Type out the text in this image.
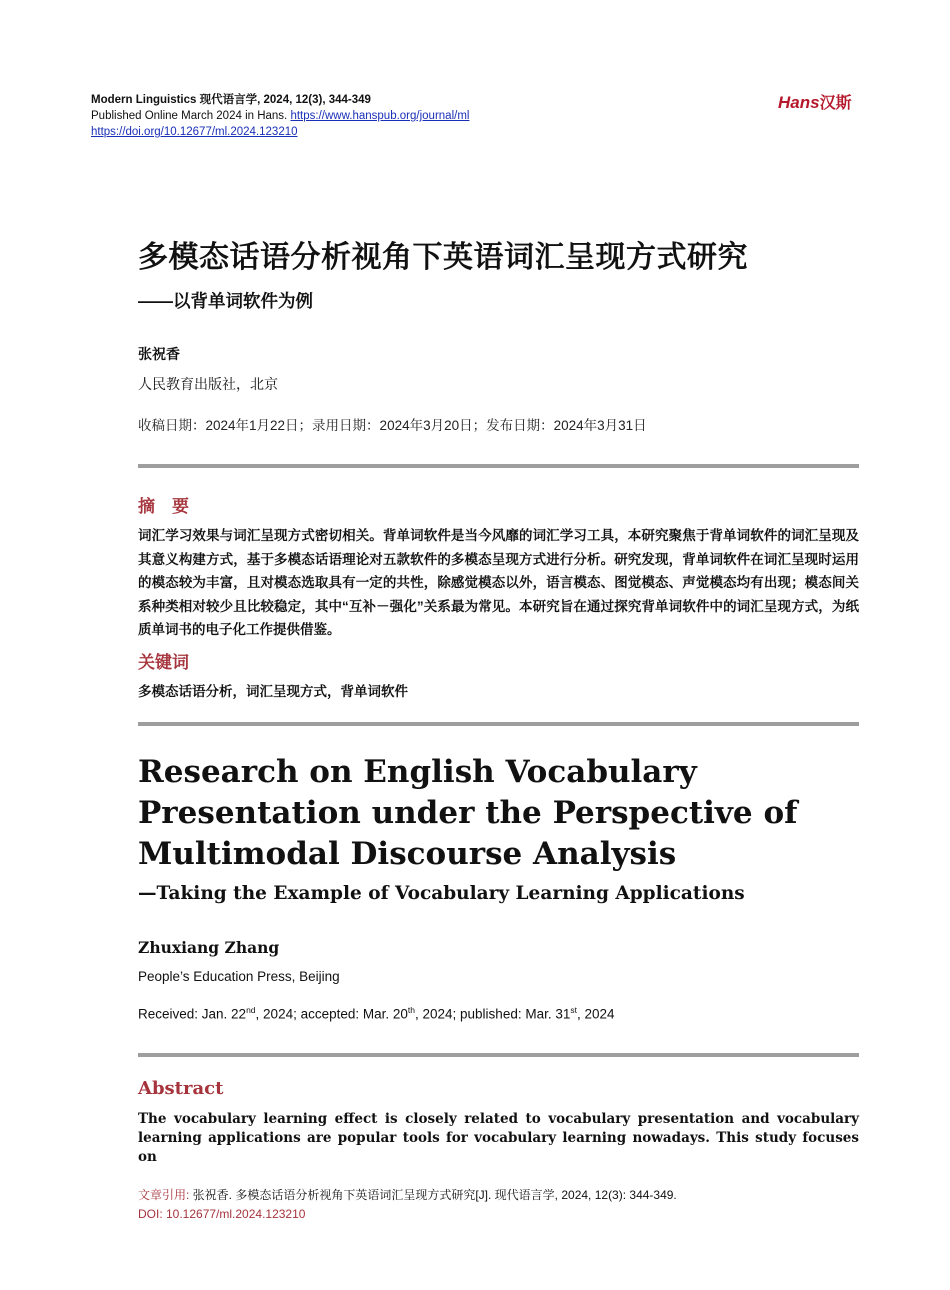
Modern Linguistics 现代语言学, 2024, 12(3), 344-349
Published Online March 2024 in Hans. https://www.hanspub.org/journal/ml
https://doi.org/10.12677/ml.2024.123210
Hans汉斯
多模态话语分析视角下英语词汇呈现方式研究
——以背单词软件为例
张祝香
人民教育出版社，北京
收稿日期：2024年1月22日；录用日期：2024年3月20日；发布日期：2024年3月31日
摘　要
词汇学习效果与词汇呈现方式密切相关。背单词软件是当今风靡的词汇学习工具，本研究聚焦于背单词软件的词汇呈现及其意义构建方式，基于多模态话语理论对五款软件的多模态呈现方式进行分析。研究发现，背单词软件在词汇呈现时运用的模态较为丰富，且对模态选取具有一定的共性，除感觉模态以外，语言模态、图觉模态、声觉模态均有出现；模态间关系种类相对较少且比较稳定，其中“互补－强化”关系最为常见。本研究旨在通过探究背单词软件中的词汇呈现方式，为纸质单词书的电子化工作提供借鉴。
关键词
多模态话语分析，词汇呈现方式，背单词软件
Research on English Vocabulary Presentation under the Perspective of Multimodal Discourse Analysis
—Taking the Example of Vocabulary Learning Applications
Zhuxiang Zhang
People’s Education Press, Beijing
Received: Jan. 22nd, 2024; accepted: Mar. 20th, 2024; published: Mar. 31st, 2024
Abstract
The vocabulary learning effect is closely related to vocabulary presentation and vocabulary learning applications are popular tools for vocabulary learning nowadays. This study focuses on
文章引用: 张祝香. 多模态话语分析视角下英语词汇呈现方式研究[J]. 现代语言学, 2024, 12(3): 344-349.
DOI: 10.12677/ml.2024.123210
